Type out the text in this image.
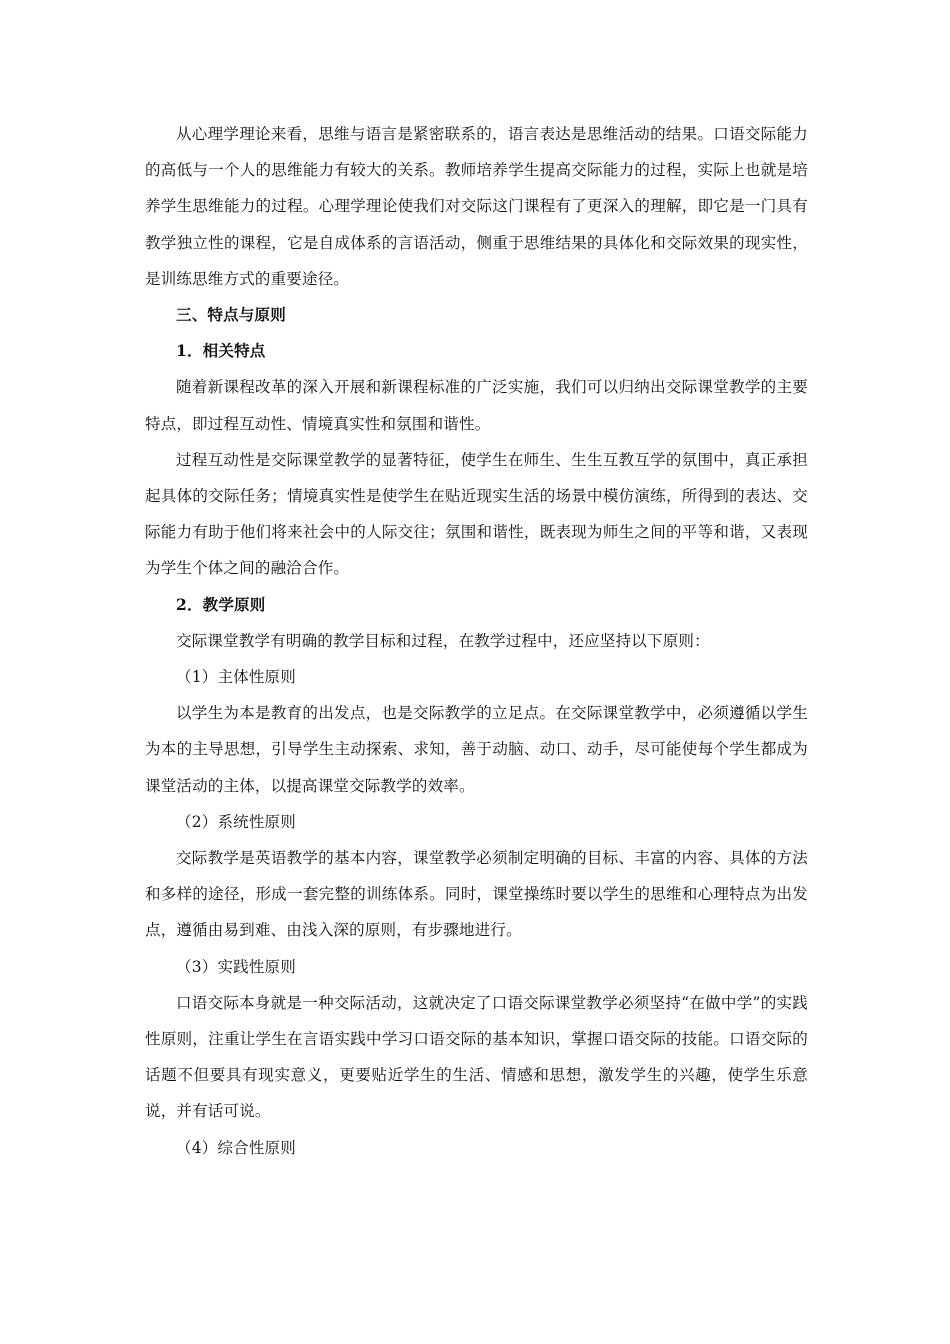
从心理学理论来看，思维与语言是紧密联系的，语言表达是思维活动的结果。口语交际能力的高低与一个人的思维能力有较大的关系。教师培养学生提高交际能力的过程，实际上也就是培养学生思维能力的过程。心理学理论使我们对交际这门课程有了更深入的理解，即它是一门具有教学独立性的课程，它是自成体系的言语活动，侧重于思维结果的具体化和交际效果的现实性，是训练思维方式的重要途径。

三、特点与原则

1．相关特点

随着新课程改革的深入开展和新课程标准的广泛实施，我们可以归纳出交际课堂教学的主要特点，即过程互动性、情境真实性和氛围和谐性。

过程互动性是交际课堂教学的显著特征，使学生在师生、生生互教互学的氛围中，真正承担起具体的交际任务；情境真实性是使学生在贴近现实生活的场景中模仿演练，所得到的表达、交际能力有助于他们将来社会中的人际交往；氛围和谐性，既表现为师生之间的平等和谐，又表现为学生个体之间的融洽合作。

2．教学原则

交际课堂教学有明确的教学目标和过程，在教学过程中，还应坚持以下原则：

（1）主体性原则

以学生为本是教育的出发点，也是交际教学的立足点。在交际课堂教学中，必须遵循以学生为本的主导思想，引导学生主动探索、求知，善于动脑、动口、动手，尽可能使每个学生都成为课堂活动的主体，以提高课堂交际教学的效率。

（2）系统性原则

交际教学是英语教学的基本内容，课堂教学必须制定明确的目标、丰富的内容、具体的方法和多样的途径，形成一套完整的训练体系。同时，课堂操练时要以学生的思维和心理特点为出发点，遵循由易到难、由浅入深的原则，有步骤地进行。

（3）实践性原则

口语交际本身就是一种交际活动，这就决定了口语交际课堂教学必须坚持“在做中学”的实践性原则，注重让学生在言语实践中学习口语交际的基本知识，掌握口语交际的技能。口语交际的话题不但要具有现实意义，更要贴近学生的生活、情感和思想，激发学生的兴趣，使学生乐意说，并有话可说。

（4）综合性原则
